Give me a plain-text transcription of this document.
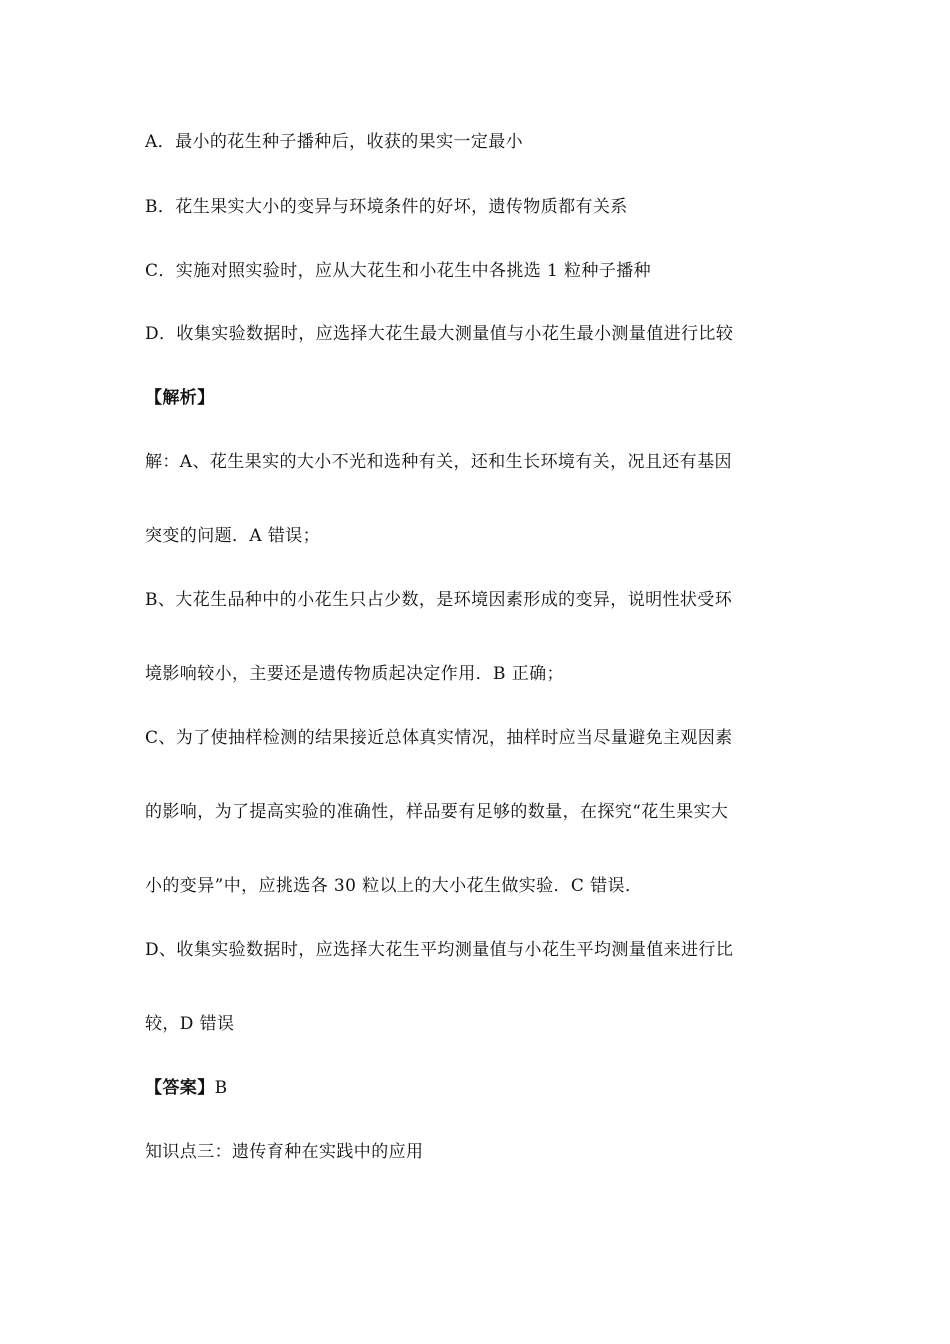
A．最小的花生种子播种后，收获的果实一定最小
B．花生果实大小的变异与环境条件的好坏，遗传物质都有关系
C．实施对照实验时，应从大花生和小花生中各挑选 1 粒种子播种
D．收集实验数据时，应选择大花生最大测量值与小花生最小测量值进行比较
【解析】
解：A、花生果实的大小不光和选种有关，还和生长环境有关，况且还有基因
突变的问题．A 错误；
B、大花生品种中的小花生只占少数，是环境因素形成的变异，说明性状受环
境影响较小，主要还是遗传物质起决定作用．B 正确；
C、为了使抽样检测的结果接近总体真实情况，抽样时应当尽量避免主观因素
的影响，为了提高实验的准确性，样品要有足够的数量，在探究“花生果实大
小的变异”中，应挑选各 30 粒以上的大小花生做实验．C 错误．
D、收集实验数据时，应选择大花生平均测量值与小花生平均测量值来进行比
较，D 错误
【答案】B
知识点三：遗传育种在实践中的应用
